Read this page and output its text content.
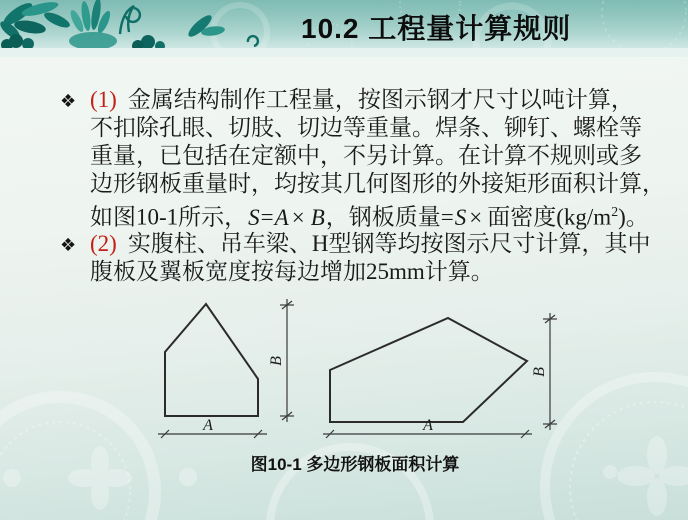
10.2 工程量计算规则
❖ (1) 金属结构制作工程量，按图示钢才尺寸以吨计算，
不扣除孔眼、切肢、切边等重量。焊条、铆钉、螺栓等
重量，已包括在定额中，不另计算。在计算不规则或多
边形钢板重量时，均按其几何图形的外接矩形面积计算，
如图10-1所示，S=A × B，钢板质量=S × 面密度$(kg/m^2)$。
❖ (2) 实腹柱、吊车梁、H型钢等均按图示尺寸计算，其中
腹板及翼板宽度按每边增加25mm计算。
A	A
B
B
图10-1 多边形钢板面积计算
